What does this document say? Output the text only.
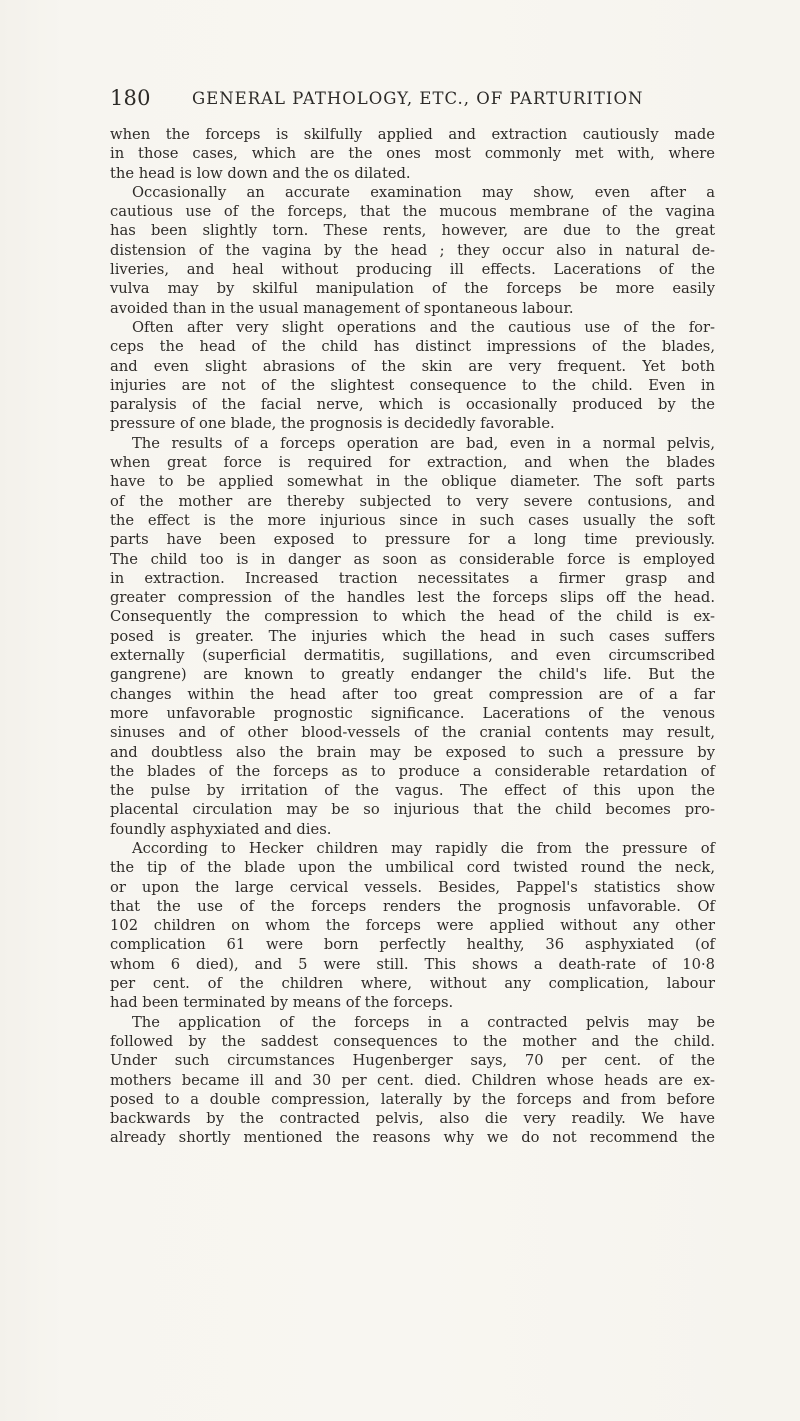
180	GENERAL PATHOLOGY, ETC., OF PARTURITION
when the forceps is skilfully applied and extraction cautiously made
in those cases, which are the ones most commonly met with, where
the head is low down and the os dilated.
Occasionally an accurate examination may show, even after a
cautious use of the forceps, that the mucous membrane of the vagina
has been slightly torn. These rents, however, are due to the great
distension of the vagina by the head ; they occur also in natural de-
liveries, and heal without producing ill effects. Lacerations of the
vulva may by skilful manipulation of the forceps be more easily
avoided than in the usual management of spontaneous labour.
Often after very slight operations and the cautious use of the for-
ceps the head of the child has distinct impressions of the blades,
and even slight abrasions of the skin are very frequent. Yet both
injuries are not of the slightest consequence to the child. Even in
paralysis of the facial nerve, which is occasionally produced by the
pressure of one blade, the prognosis is decidedly favorable.
The results of a forceps operation are bad, even in a normal pelvis,
when great force is required for extraction, and when the blades
have to be applied somewhat in the oblique diameter. The soft parts
of the mother are thereby subjected to very severe contusions, and
the effect is the more injurious since in such cases usually the soft
parts have been exposed to pressure for a long time previously.
The child too is in danger as soon as considerable force is employed
in extraction. Increased traction necessitates a firmer grasp and
greater compression of the handles lest the forceps slips off the head.
Consequently the compression to which the head of the child is ex-
posed is greater. The injuries which the head in such cases suffers
externally (superficial dermatitis, sugillations, and even circumscribed
gangrene) are known to greatly endanger the child's life. But the
changes within the head after too great compression are of a far
more unfavorable prognostic significance. Lacerations of the venous
sinuses and of other blood-vessels of the cranial contents may result,
and doubtless also the brain may be exposed to such a pressure by
the blades of the forceps as to produce a considerable retardation of
the pulse by irritation of the vagus. The effect of this upon the
placental circulation may be so injurious that the child becomes pro-
foundly asphyxiated and dies.
According to Hecker children may rapidly die from the pressure of
the tip of the blade upon the umbilical cord twisted round the neck,
or upon the large cervical vessels. Besides, Pappel's statistics show
that the use of the forceps renders the prognosis unfavorable. Of
102 children on whom the forceps were applied without any other
complication 61 were born perfectly healthy, 36 asphyxiated (of
whom 6 died), and 5 were still. This shows a death-rate of 10·8
per cent. of the children where, without any complication, labour
had been terminated by means of the forceps.
The application of the forceps in a contracted pelvis may be
followed by the saddest consequences to the mother and the child.
Under such circumstances Hugenberger says, 70 per cent. of the
mothers became ill and 30 per cent. died. Children whose heads are ex-
posed to a double compression, laterally by the forceps and from before
backwards by the contracted pelvis, also die very readily. We have
already shortly mentioned the reasons why we do not recommend the
